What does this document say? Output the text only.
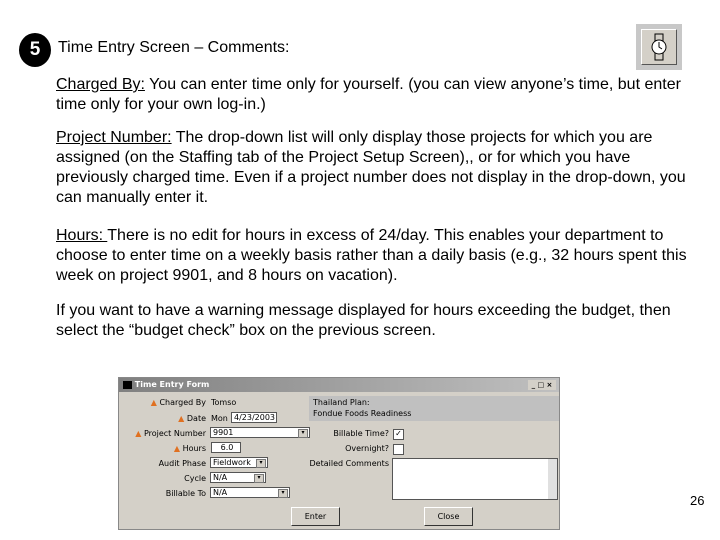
5	Time Entry Screen – Comments:
Charged By: You can enter time only for yourself. (you can view anyone’s time, but enter time only for your own log-in.)
Project Number: The drop-down list will only display those projects for which you are assigned (on the Staffing tab of the Project Setup Screen),, or for which you have previously charged time. Even if a project number does not display in the drop-down, you can manually enter it.
Hours: There is no edit for hours in excess of 24/day. This enables your department to choose to enter time on a weekly basis rather than a daily basis (e.g., 32 hours spent this week on project 9901, and 8 hours on vacation).
If you want to have a warning message displayed for hours exceeding the budget, then select the “budget check” box on the previous screen.
Time Entry Form	_ □ ×
▲ Charged By Tomso
▲ Date Mon 4/23/2003
▲ Project Number 9901	▾
▲ Hours	6.0
Audit Phase Fieldwork	▾
Cycle N/A	▾
Billable To N/A	▾
Thailand Plan:
Fondue Foods Readiness
Billable Time? ✓
Overnight?
Detailed Comments
Enter	Close
26
